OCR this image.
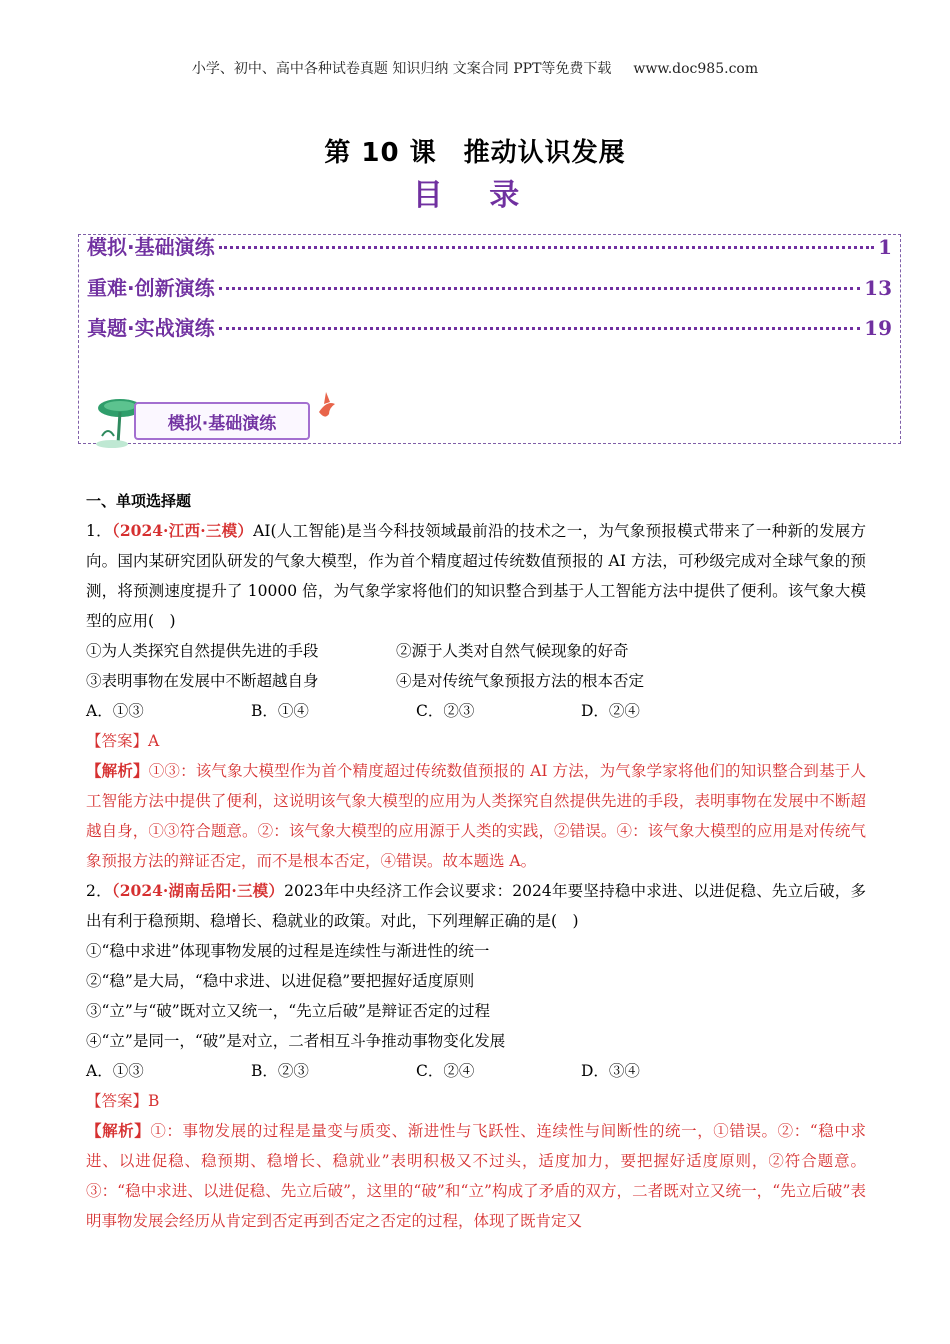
小学、初中、高中各种试卷真题 知识归纳 文案合同 PPT等免费下载 www.doc985.com
第 10 课　推动认识发展
目 录
模拟·基础演练	1
重难·创新演练	13
真题·实战演练	19
模拟·基础演练
一、单项选择题
1．（2024·江西·三模）AI(人工智能)是当今科技领域最前沿的技术之一，为气象预报模式带来了一种新的发展方向。国内某研究团队研发的气象大模型，作为首个精度超过传统数值预报的 AI 方法，可秒级完成对全球气象的预测，将预测速度提升了 10000 倍，为气象学家将他们的知识整合到基于人工智能方法中提供了便利。该气象大模型的应用(　)
①为人类探究自然提供先进的手段	②源于人类对自然气候现象的好奇
③表明事物在发展中不断超越自身	④是对传统气象预报方法的根本否定
A．①③	B．①④	C．②③	D．②④
【答案】A
【解析】①③：该气象大模型作为首个精度超过传统数值预报的 AI 方法，为气象学家将他们的知识整合到基于人工智能方法中提供了便利，这说明该气象大模型的应用为人类探究自然提供先进的手段，表明事物在发展中不断超越自身，①③符合题意。②：该气象大模型的应用源于人类的实践，②错误。④：该气象大模型的应用是对传统气象预报方法的辩证否定，而不是根本否定，④错误。故本题选 A。
2．（2024·湖南岳阳·三模）2023年中央经济工作会议要求：2024年要坚持稳中求进、以进促稳、先立后破，多出有利于稳预期、稳增长、稳就业的政策。对此，下列理解正确的是(　)
①“稳中求进”体现事物发展的过程是连续性与渐进性的统一
②“稳”是大局，“稳中求进、以进促稳”要把握好适度原则
③“立”与“破”既对立又统一，“先立后破”是辩证否定的过程
④“立”是同一，“破”是对立，二者相互斗争推动事物变化发展
A．①③	B．②③	C．②④	D．③④
【答案】B
【解析】①：事物发展的过程是量变与质变、渐进性与飞跃性、连续性与间断性的统一，①错误。②：“稳中求进、以进促稳、稳预期、稳增长、稳就业”表明积极又不过头，适度加力，要把握好适度原则，②符合题意。③：“稳中求进、以进促稳、先立后破”，这里的“破”和“立”构成了矛盾的双方，二者既对立又统一，“先立后破”表明事物发展会经历从肯定到否定再到否定之否定的过程，体现了既肯定又
